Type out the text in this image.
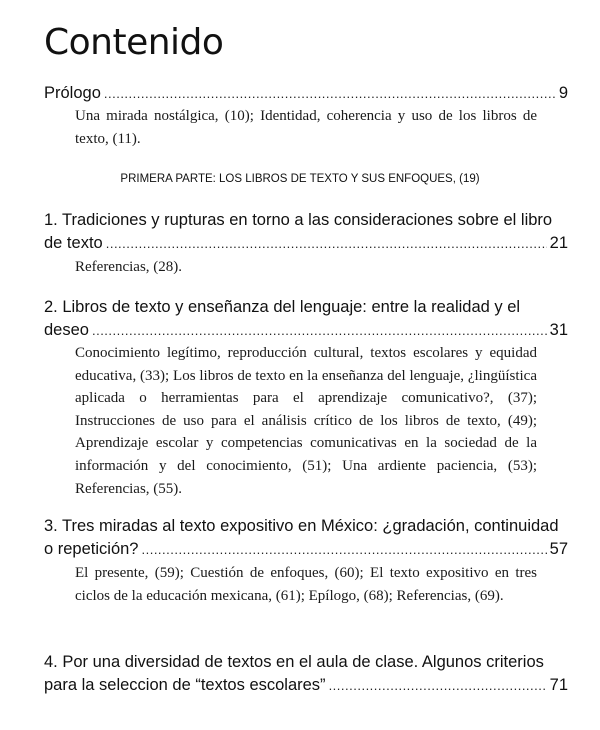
Contenido
Prólogo .....	9
Una mirada nostálgica, (10); Identidad, coherencia y uso de los libros de texto, (11).
PRIMERA PARTE: LOS LIBROS DE TEXTO Y SUS ENFOQUES, (19)
1. Tradiciones y rupturas en torno a las consideraciones sobre el libro
de texto .....	21
Referencias, (28).
2. Libros de texto y enseñanza del lenguaje: entre la realidad y el
deseo .....	31
Conocimiento legítimo, reproducción cultural, textos escolares y equidad educativa, (33); Los libros de texto en la enseñanza del lenguaje, ¿lingüística aplicada o herramientas para el aprendizaje comunicativo?, (37); Instrucciones de uso para el análisis crítico de los libros de texto, (49); Aprendizaje escolar y competencias comunicativas en la sociedad de la información y del conocimiento, (51); Una ardiente paciencia, (53); Referencias, (55).
3. Tres miradas al texto expositivo en México: ¿gradación, continuidad
o repetición? .....	57
El presente, (59); Cuestión de enfoques, (60); El texto expositivo en tres ciclos de la educación mexicana, (61); Epílogo, (68); Referencias, (69).
4. Por una diversidad de textos en el aula de clase. Algunos criterios
para la seleccion de “textos escolares” .....	71
